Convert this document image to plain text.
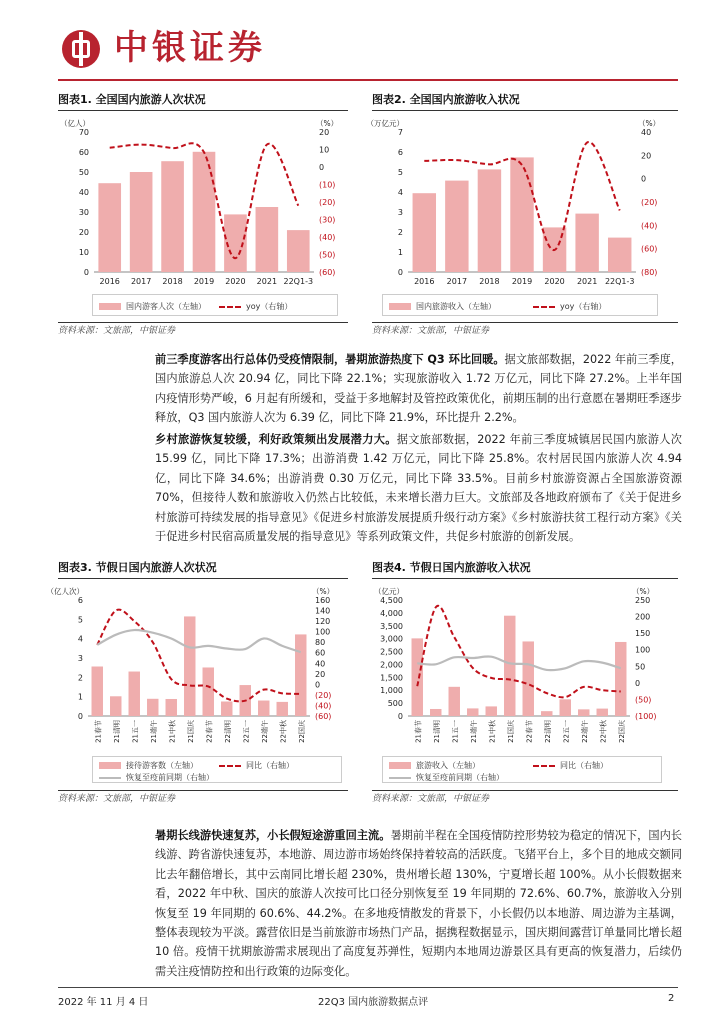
中银证券
图表1. 全国国内旅游人次状况
（亿人）	（%）
70
60
50
40
30
20
10
0
20
10
0
(10)
(20)
(30)
(40)
(50)
(60)
2016 2017 2018 2019 2020 2021 22Q1-3
国内游客人次（左轴）	yoy（右轴）
资料来源：文旅部，中银证券
图表2. 全国国内旅游收入状况
（万亿元）	（%）
7
6
5
4
3
2
1
0
40
20
0
(20)
(40)
(60)
(80)
2016 2017 2018 2019 2020 2021 22Q1-3
国内旅游收入（左轴）	yoy（右轴）
资料来源：文旅部，中银证券
前三季度游客出行总体仍受疫情限制，暑期旅游热度下 Q3 环比回暖。据文旅部数据，2022 年前三季度，国内旅游总人次 20.94 亿，同比下降 22.1%；实现旅游收入 1.72 万亿元，同比下降 27.2%。上半年国内疫情形势严峻，6 月起有所缓和，受益于多地解封及管控政策优化，前期压制的出行意愿在暑期旺季逐步释放，Q3 国内旅游人次为 6.39 亿，同比下降 21.9%，环比提升 2.2%。
乡村旅游恢复较缓，利好政策频出发展潜力大。据文旅部数据，2022 年前三季度城镇居民国内旅游人次 15.99 亿，同比下降 17.3%；出游消费 1.42 万亿元，同比下降 25.8%。农村居民国内旅游人次 4.94 亿，同比下降 34.6%；出游消费 0.30 万亿元，同比下降 33.5%。目前乡村旅游资源占全国旅游资源 70%，但接待人数和旅游收入仍然占比较低，未来增长潜力巨大。文旅部及各地政府颁布了《关于促进乡村旅游可持续发展的指导意见》《促进乡村旅游发展提质升级行动方案》《乡村旅游扶贫工程行动方案》《关于促进乡村民宿高质量发展的指导意见》等系列政策文件，共促乡村旅游的创新发展。
图表3. 节假日国内旅游人次状况
（亿人次）	（%）
6
5
4
3
2
1
0
160
140
120
100
80
60
40
20
0
(20)
(40)
(60)
21春节 21清明 21五一 21端午 21中秋 21国庆 22春节 22清明 22五一 22端午 22中秋 22国庆
接待游客数（左轴）	同比（右轴）
恢复至疫前同期（右轴）
资料来源：文旅部，中银证券
图表4. 节假日国内旅游收入状况
（亿元）	（%）
4,500
4,000
3,500
3,000
2,500
2,000
1,500
1,000
500
0
250
200
150
100
50
0
(50)
(100)
21春节 21清明 21五一 21端午 21中秋 21国庆 22春节 22清明 22五一 22端午 22中秋 22国庆
旅游收入（左轴）	同比（右轴）
恢复至疫前同期（右轴）
资料来源：文旅部，中银证券
暑期长线游快速复苏，小长假短途游重回主流。暑期前半程在全国疫情防控形势较为稳定的情况下，国内长线游、跨省游快速复苏，本地游、周边游市场始终保持着较高的活跃度。飞猪平台上，多个目的地成交额同比去年翻倍增长，其中云南同比增长超 230%，贵州增长超 130%，宁夏增长超 100%。从小长假数据来看，2022 年中秋、国庆的旅游人次按可比口径分别恢复至 19 年同期的 72.6%、60.7%，旅游收入分别恢复至 19 年同期的 60.6%、44.2%。在多地疫情散发的背景下，小长假仍以本地游、周边游为主基调，整体表现较为平淡。露营依旧是当前旅游市场热门产品，据携程数据显示，国庆期间露营订单量同比增长超 10 倍。疫情干扰期旅游需求展现出了高度复苏弹性，短期内本地周边游景区具有更高的恢复潜力，后续仍需关注疫情防控和出行政策的边际变化。
2022 年 11 月 4 日	22Q3 国内旅游数据点评	2
